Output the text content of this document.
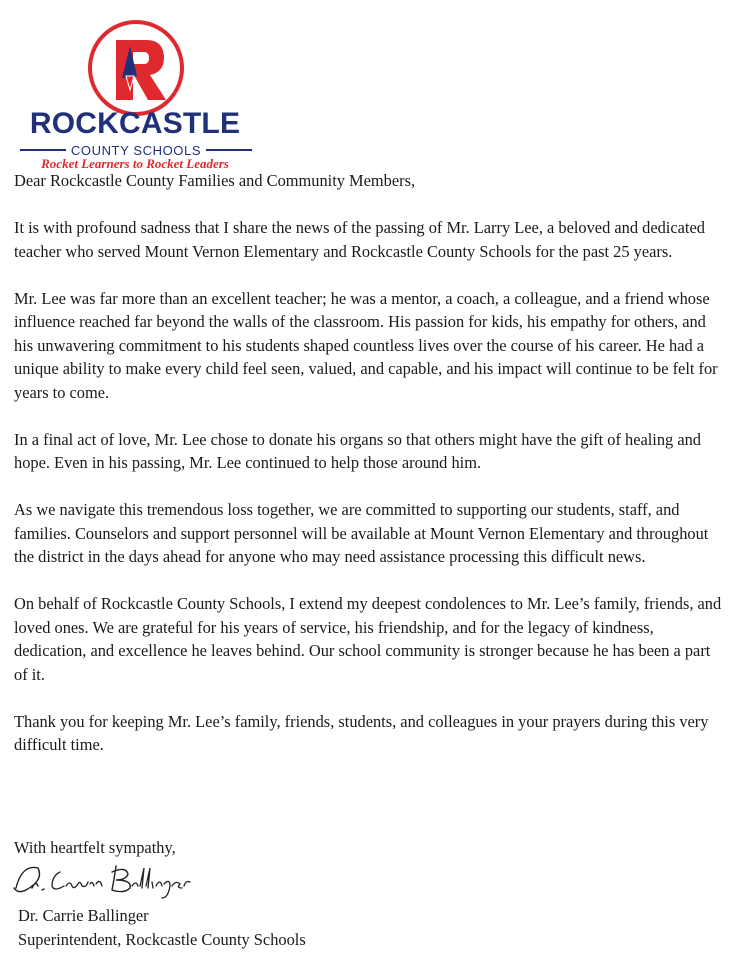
ROCKCASTLE
COUNTY SCHOOLS
Rocket Learners to Rocket Leaders

Dear Rockcastle County Families and Community Members,

It is with profound sadness that I share the news of the passing of Mr. Larry Lee, a beloved and dedicated teacher who served Mount Vernon Elementary and Rockcastle County Schools for the past 25 years.

Mr. Lee was far more than an excellent teacher; he was a mentor, a coach, a colleague, and a friend whose influence reached far beyond the walls of the classroom. His passion for kids, his empathy for others, and his unwavering commitment to his students shaped countless lives over the course of his career. He had a unique ability to make every child feel seen, valued, and capable, and his impact will continue to be felt for years to come.

In a final act of love, Mr. Lee chose to donate his organs so that others might have the gift of healing and hope. Even in his passing, Mr. Lee continued to help those around him.

As we navigate this tremendous loss together, we are committed to supporting our students, staff, and families. Counselors and support personnel will be available at Mount Vernon Elementary and throughout the district in the days ahead for anyone who may need assistance processing this difficult news.

On behalf of Rockcastle County Schools, I extend my deepest condolences to Mr. Lee’s family, friends, and loved ones. We are grateful for his years of service, his friendship, and for the legacy of kindness, dedication, and excellence he leaves behind. Our school community is stronger because he has been a part of it.

Thank you for keeping Mr. Lee’s family, friends, students, and colleagues in your prayers during this very difficult time.

With heartfelt sympathy,
Dr. Carrie Ballinger
Superintendent, Rockcastle County Schools
